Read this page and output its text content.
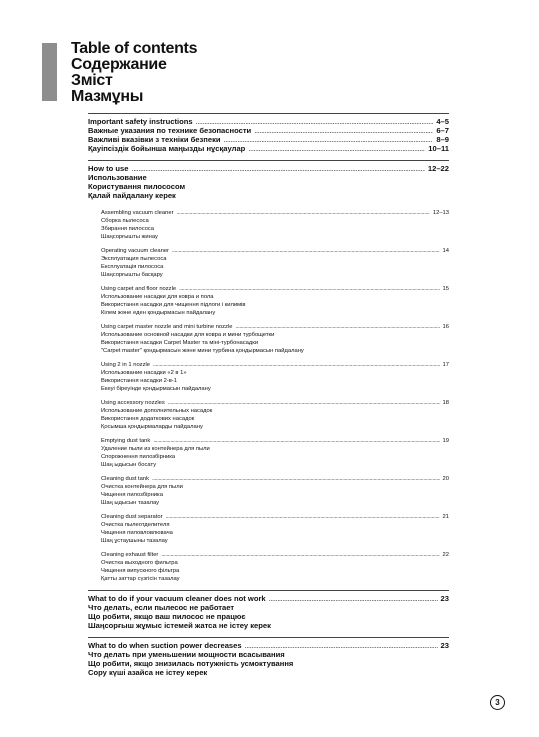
Table of contents
Содержание
Зміст
Мазмұны
Important safety instructions .....	4–5
Важные указания по технике безопасности .....	6–7
Важливі вказівки з техніки безпеки .....	8–9
Қауіпсіздік бойынша маңызды нұсқаулар .....	10–11
How to use .....	12–22
Использование
Користування пилососом
Қалай пайдалану керек
Assembling vacuum cleaner .....	12–13
Сборка пылесоса
Збирання пилососа
Шаңсорғышты жинау
Operating vacuum cleaner .....	14
Эксплуатация пылесоса
Експлуатація пилососа
Шаңсорғышты басқару
Using carpet and floor nozzle .....	15
Использование насадки для ковра и пола
Використання насадки для чищення підлоги і килимів
Кілем және еден қондырмасын пайдалану
Using carpet master nozzle and mini turbine nozzle .....	16
Использование основной насадки для ковра и мини турбощетки
Використання насадки Carpet Master та міні-турбонасадки
"Carpet master" қондырмасын және мини турбина қондырмасын пайдалану
Using 2 in 1 nozzle .....	17
Использование насадки «2 в 1»
Використання насадки 2-в-1
Екеуі біреуінде қондырмасын пайдалану
Using accessory nozzles .....	18
Использование дополнительных насадок
Використання додаткових насадок
Қосымша қондырмаларды пайдалану
Emptying dust tank .....	19
Удаление пыли из контейнера для пыли
Спорожнення пилозбірника
Шаң ыдысын босату
Cleaning dust tank .....	20
Очистка контейнера для пыли
Чищення пилозбірника
Шаң ыдысын тазалау
Cleaning dust separator .....	21
Очистка пылеотделителя
Чищення пиловловлювача
Шаң ұстаушыны тазалау
Cleaning exhaust filter .....	22
Очистка выходного фильтра
Чищення випускного фільтра
Қатты заттар сүзгісін тазалау
What to do if your vacuum cleaner does not work .....	23
Что делать, если пылесос не работает
Що робити, якщо ваш пилосос не працює
Шаңсорғыш жұмыс істемей жатса не істеу керек
What to do when suction power decreases .....	23
Что делать при уменьшении мощности всасывания
Що робити, якщо знизилась потужність усмоктування
Сору күші азайса не істеу керек
3
